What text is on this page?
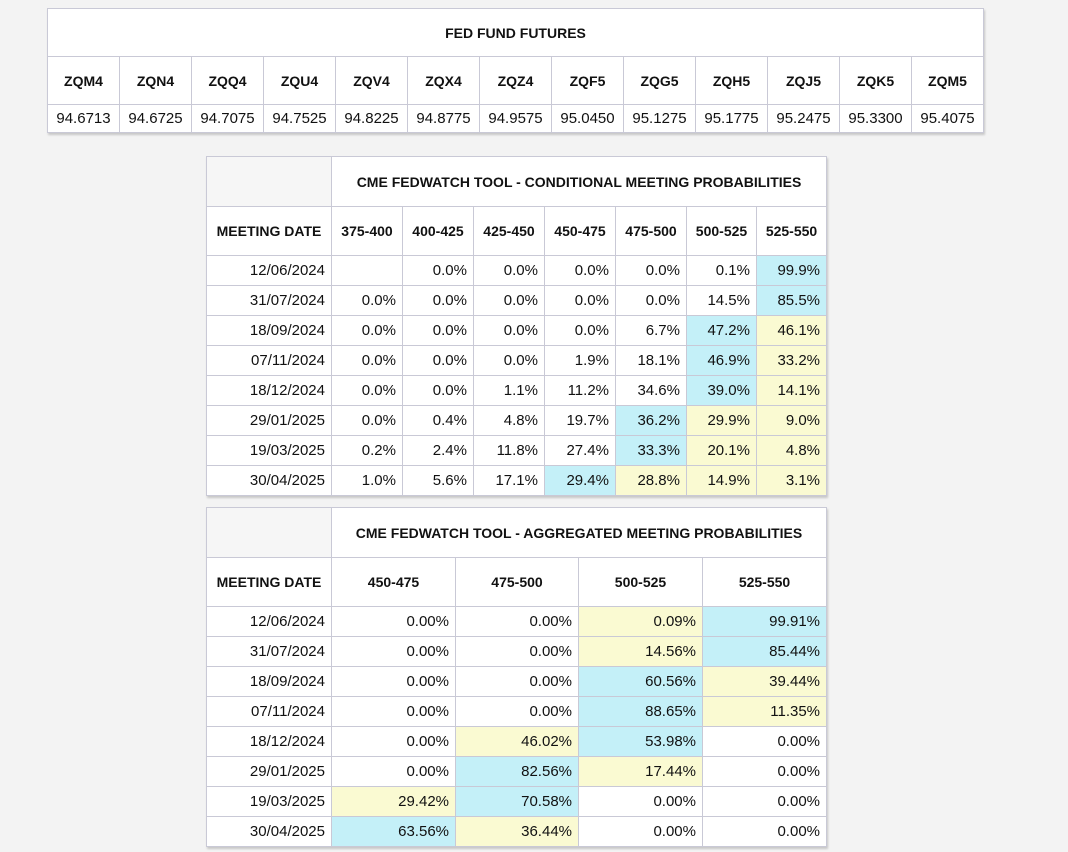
FED FUND FUTURES												
ZQM4	ZQN4	ZQQ4	ZQU4	ZQV4	ZQX4	ZQZ4	ZQF5	ZQG5	ZQH5	ZQJ5	ZQK5	ZQM5
94.6713	94.6725	94.7075	94.7525	94.8225	94.8775	94.9575	95.0450	95.1275	95.1775	95.2475	95.3300	95.4075
	CME FEDWATCH TOOL - CONDITIONAL MEETING PROBABILITIES						
MEETING DATE	375-400	400-425	425-450	450-475	475-500	500-525	525-550
12/06/2024		0.0%	0.0%	0.0%	0.0%	0.1%	99.9%
31/07/2024	0.0%	0.0%	0.0%	0.0%	0.0%	14.5%	85.5%
18/09/2024	0.0%	0.0%	0.0%	0.0%	6.7%	47.2%	46.1%
07/11/2024	0.0%	0.0%	0.0%	1.9%	18.1%	46.9%	33.2%
18/12/2024	0.0%	0.0%	1.1%	11.2%	34.6%	39.0%	14.1%
29/01/2025	0.0%	0.4%	4.8%	19.7%	36.2%	29.9%	9.0%
19/03/2025	0.2%	2.4%	11.8%	27.4%	33.3%	20.1%	4.8%
30/04/2025	1.0%	5.6%	17.1%	29.4%	28.8%	14.9%	3.1%
	CME FEDWATCH TOOL - AGGREGATED MEETING PROBABILITIES			
MEETING DATE	450-475	475-500	500-525	525-550
12/06/2024	0.00%	0.00%	0.09%	99.91%
31/07/2024	0.00%	0.00%	14.56%	85.44%
18/09/2024	0.00%	0.00%	60.56%	39.44%
07/11/2024	0.00%	0.00%	88.65%	11.35%
18/12/2024	0.00%	46.02%	53.98%	0.00%
29/01/2025	0.00%	82.56%	17.44%	0.00%
19/03/2025	29.42%	70.58%	0.00%	0.00%
30/04/2025	63.56%	36.44%	0.00%	0.00%
